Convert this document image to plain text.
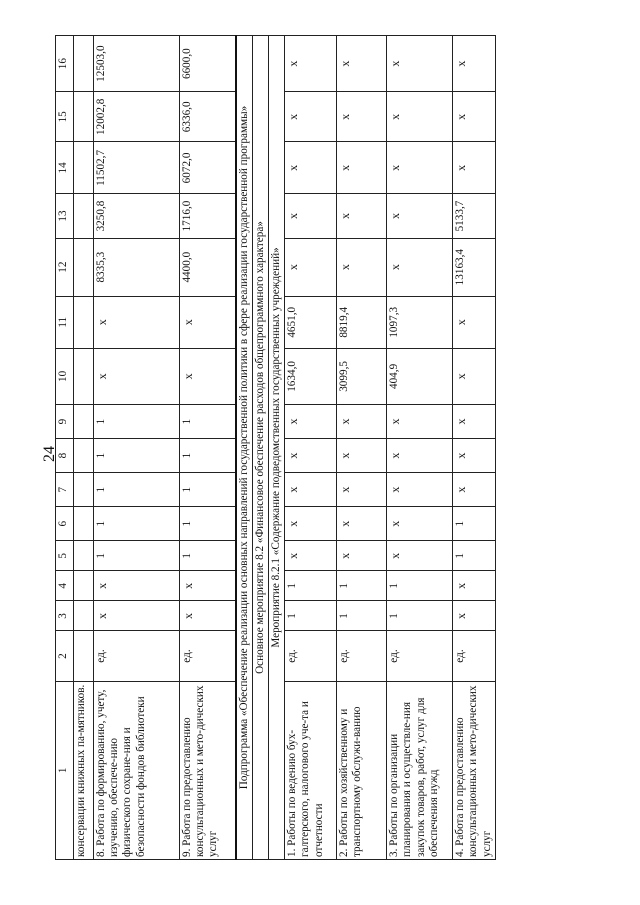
24
1	2	3	4	5	6	7	8	9	10	11	12	13	14	15	16
консервации книжных па-мятников.															
8. Работа по формированию, учету, изучению, обеспече-нию физического сохране-ния и безопасности фондов библиотеки	ед.	х	х	1	1	1	1	1	х	х	8335,3	3250,8	11502,7	12002,8	12503,0
9. Работа по предоставлению консультационных и мето-дических услуг	ед.	х	х	1	1	1	1	1	х	х	4400,0	1716,0	6072,0	6336,0	6600,0
Подпрограмма «Обеспечение реализации основных направлений государственной политики в сфере реализации государственной программы»															
Основное мероприятие 8.2 «Финансовое обеспечение расходов общепрограммного характера»															
Мероприятие 8.2.1 «Содержание подведомственных государственных учреждений»															
1. Работы по ведению бух-галтерского, налогового уче-та и отчетности	ед.	1	1	х	х	х	х	х	1634,0	4651,0	х	х	х	х	х
2. Работы по хозяйственному и транспортному обслужи-ванию	ед.	1	1	х	х	х	х	х	3099,5	8819,4	х	х	х	х	х
3. Работы по организации планирования и осуществле-ния закупок товаров, работ, услуг для обеспечения нужд	ед.	1	1	х	х	х	х	х	404,9	1097,3	х	х	х	х	х
4. Работа по предоставлению консультационных и мето-дических услуг	ед.	х	х	1	1	х	х	х	х	х	13163,4	5133,7	х	х	х
